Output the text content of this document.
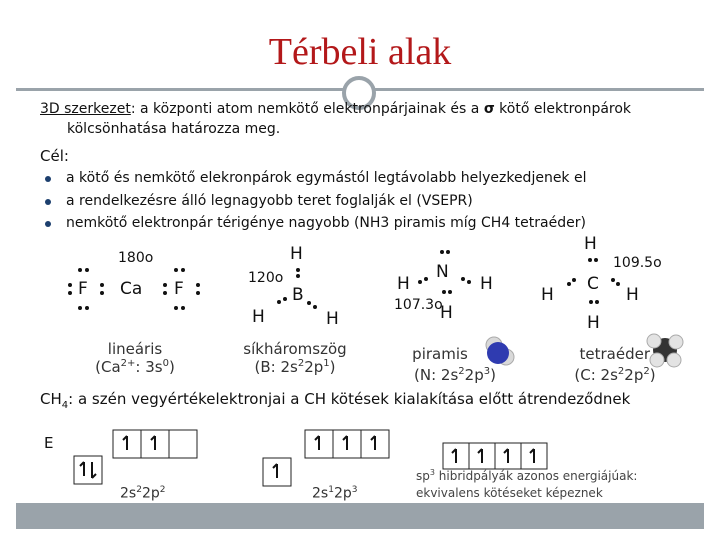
Térbeli alak
3D szerkezet: a központi atom nemkötő elektronpárjainak és a σ kötő elektronpárok
kölcsönhatása határozza meg.
Cél:
a kötő és nemkötő elekronpárok egymástól legtávolabb helyezkedjenek el
a rendelkezésre álló legnagyobb teret foglalják el (VSEPR)
nemkötő elektronpár térigénye nagyobb (NH3 piramis míg CH4 tetraéder)
180o
F Ca F
lineáris
($Ca^{2+}$: $3s^0$)
120o
H
B
H	H
síkháromszög
(B: $2s^22p^1$)
N
H	H
H
107.3o
piramis
(N: $2s^22p^3$)
H
C
H	H
H
109.5o
tetraéder
(C: $2s^22p^2$)
$CH_4$: a szén vegyértékelektronjai a CH kötések kialakítása előtt átrendeződnek
E
$2s^22p^2$	$2s^12p^3$
$sp^3$ hibridpályák azonos energiájúak:
ekvivalens kötéseket képeznek
